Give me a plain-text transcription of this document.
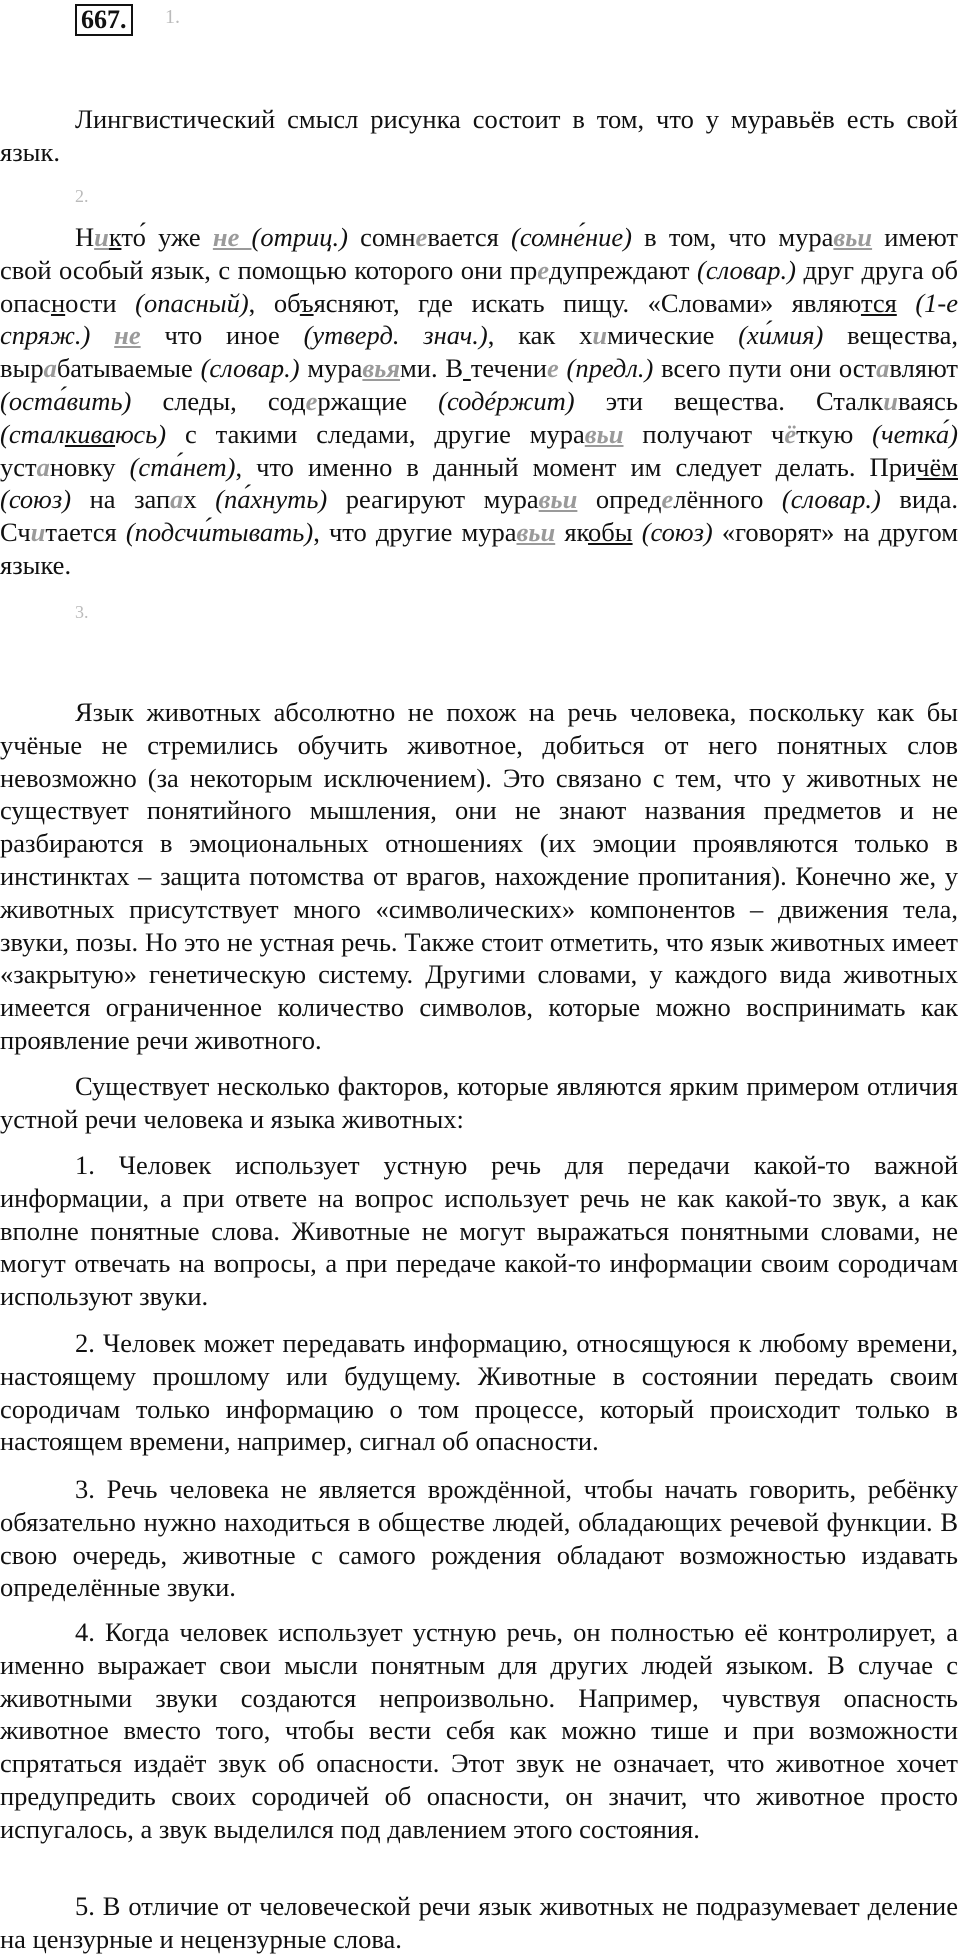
667.	1.

Лингвистический смысл рисунка состоит в том, что у муравьёв есть свой язык.

2.

Никто́ уже не (отриц.) сомневается (сомне́ние) в том, что муравьи имеют свой особый язык, с помощью которого они предупреждают (словар.) друг друга об опасности (опасный), объясняют, где искать пищу. «Словами» являются (1-е спряж.) не что иное (утверд. знач.), как химические (хи́мия) вещества, вырабатываемые (словар.) муравьями. В течение (предл.) всего пути они оставляют (оста́вить) следы, содержащие (содéржит) эти вещества. Сталкиваясь (сталкиваюсь) с такими следами, другие муравьи получают чёткую (четка́) установку (ста́нет), что именно в данный момент им следует делать. Причём (союз) на запах (па́хнуть) реагируют муравьи определённого (словар.) вида. Считается (подсчи́тывать), что другие муравьи якобы (союз) «говорят» на другом языке.

3.

Язык животных абсолютно не похож на речь человека, поскольку как бы учёные не стремились обучить животное, добиться от него понятных слов невозможно (за некоторым исключением). Это связано с тем, что у животных не существует понятийного мышления, они не знают названия предметов и не разбираются в эмоциональных отношениях (их эмоции проявляются только в инстинктах – защита потомства от врагов, нахождение пропитания). Конечно же, у животных присутствует много «символических» компонентов – движения тела, звуки, позы. Но это не устная речь. Также стоит отметить, что язык животных имеет «закрытую» генетическую систему. Другими словами, у каждого вида животных имеется ограниченное количество символов, которые можно воспринимать как проявление речи животного.

Существует несколько факторов, которые являются ярким примером отличия устной речи человека и языка животных:

1. Человек использует устную речь для передачи какой-то важной информации, а при ответе на вопрос использует речь не как какой-то звук, а как вполне понятные слова. Животные не могут выражаться понятными словами, не могут отвечать на вопросы, а при передаче какой-то информации своим сородичам используют звуки.

2. Человек может передавать информацию, относящуюся к любому времени, настоящему прошлому или будущему. Животные в состоянии передать своим сородичам только информацию о том процессе, который происходит только в настоящем времени, например, сигнал об опасности.

3. Речь человека не является врождённой, чтобы начать говорить, ребёнку обязательно нужно находиться в обществе людей, обладающих речевой функции. В свою очередь, животные с самого рождения обладают возможностью издавать определённые звуки.

4. Когда человек использует устную речь, он полностью её контролирует, а именно выражает свои мысли понятным для других людей языком. В случае с животными звуки создаются непроизвольно. Например, чувствуя опасность животное вместо того, чтобы вести себя как можно тише и при возможности спрятаться издаёт звук об опасности. Этот звук не означает, что животное хочет предупредить своих сородичей об опасности, он значит, что животное просто испугалось, а звук выделился под давлением этого состояния.

5. В отличие от человеческой речи язык животных не подразумевает деление на цензурные и нецензурные слова.
